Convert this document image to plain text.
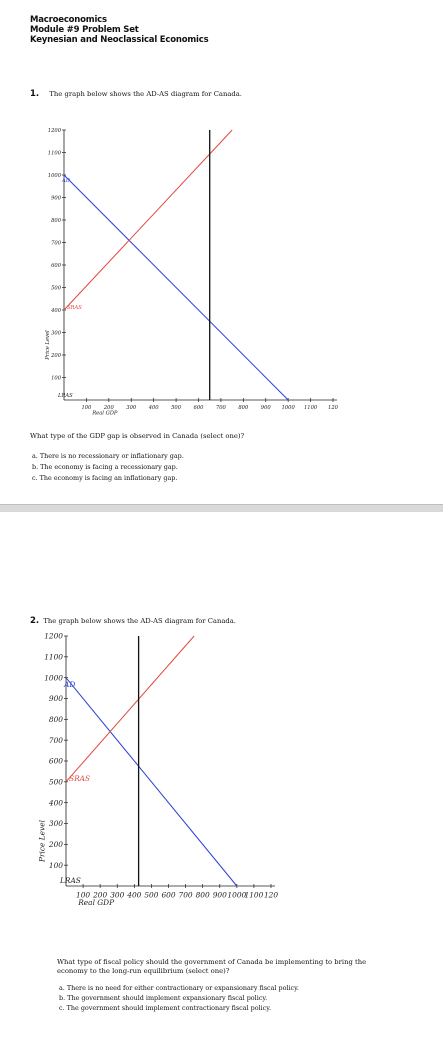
Macroeconomics
Module #9 Problem Set
Keynesian and Neoclassical Economics
1. The graph below shows the AD-AS diagram for Canada.
100
200
300
400
500
600
700
800
900
1000
1100
1200
100 200 300 400 500 600 700 800 900 1000 1100 120
AD
SRAS
LRAS
Real GDP
Price Level
What type of the GDP gap is observed in Canada (select one)?
a. There is no recessionary or inflationary gap.
b. The economy is facing a recessionary gap.
c. The economy is facing an inflationary gap.
2. The graph below shows the AD-AS diagram for Canada.
100
200
300
400
500
600
700
800
900
1000
1100
1200
100 200 300 400 500 600 700 800 900 1000
1100 120
AD
SRAS
LRAS
Real GDP
Price Level
What type of fiscal policy should the government of Canada be implementing to bring the
economy to the long-run equilibrium (select one)?
a. There is no need for either contractionary or expansionary fiscal policy.
b. The government should implement expansionary fiscal policy.
c. The government should implement contractionary fiscal policy.
